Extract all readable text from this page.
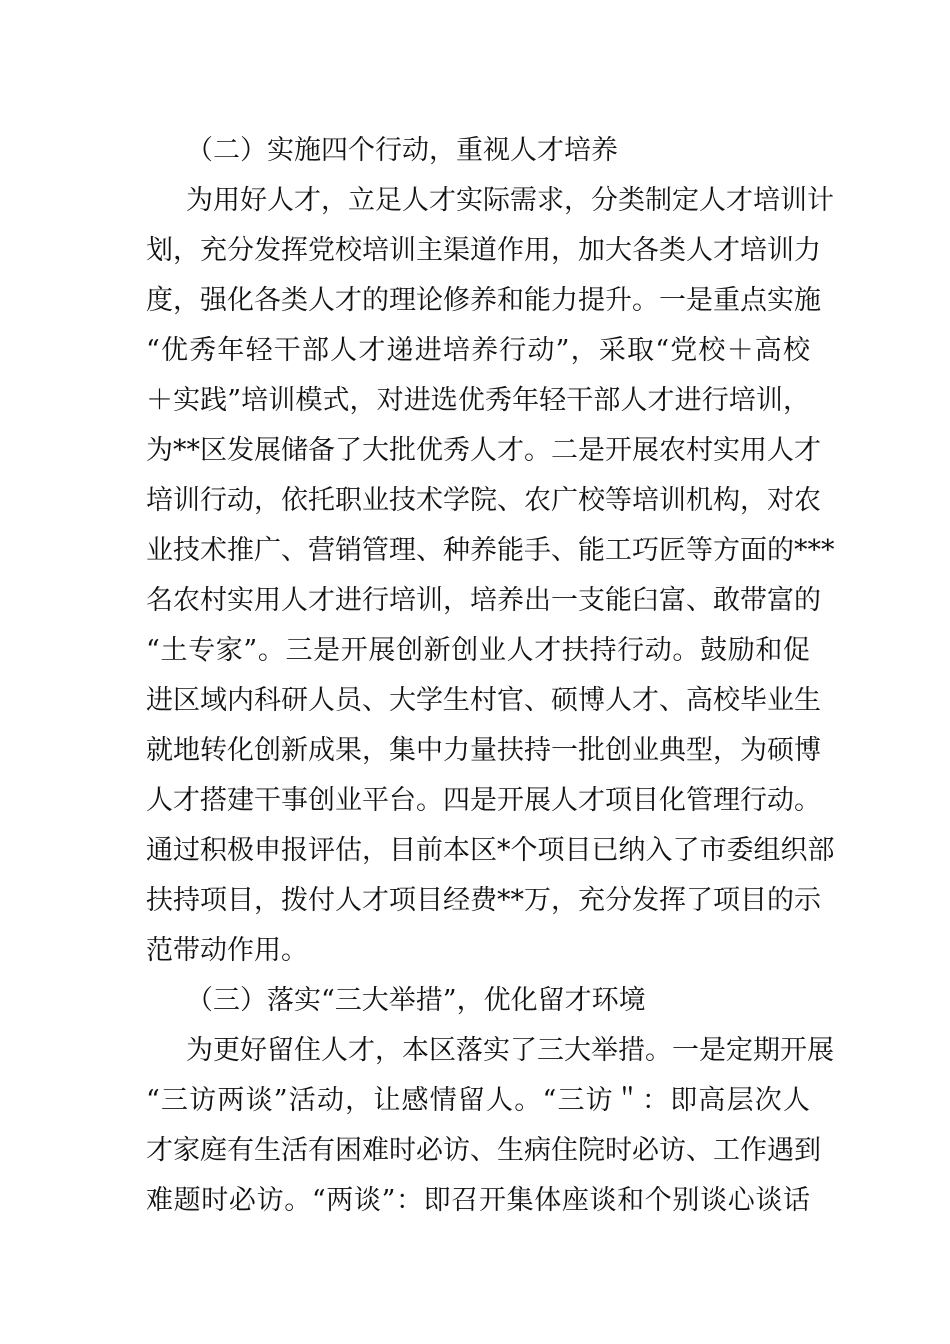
（二）实施四个行动，重视人才培养
为用好人才，立足人才实际需求，分类制定人才培训计
划，充分发挥党校培训主渠道作用，加大各类人才培训力
度，强化各类人才的理论修养和能力提升。一是重点实施
“优秀年轻干部人才递进培养行动”，采取“党校＋高校
＋实践”培训模式，对进选优秀年轻干部人才进行培训，
为**区发展储备了大批优秀人才。二是开展农村实用人才
培训行动，依托职业技术学院、农广校等培训机构，对农
业技术推广、营销管理、种养能手、能工巧匠等方面的***
名农村实用人才进行培训，培养出一支能臼富、敢带富的
“土专家”。三是开展创新创业人才扶持行动。鼓励和促
进区域内科研人员、大学生村官、硕博人才、高校毕业生
就地转化创新成果，集中力量扶持一批创业典型，为硕博
人才搭建干事创业平台。四是开展人才项目化管理行动。
通过积极申报评估，目前本区*个项目已纳入了市委组织部
扶持项目，拨付人才项目经费**万，充分发挥了项目的示
范带动作用。
（三）落实“三大举措”，优化留才环境
为更好留住人才，本区落实了三大举措。一是定期开展
“三访两谈”活动，让感情留人。“三访＂：即高层次人
才家庭有生活有困难时必访、生病住院时必访、工作遇到
难题时必访。“两谈”：即召开集体座谈和个别谈心谈话
